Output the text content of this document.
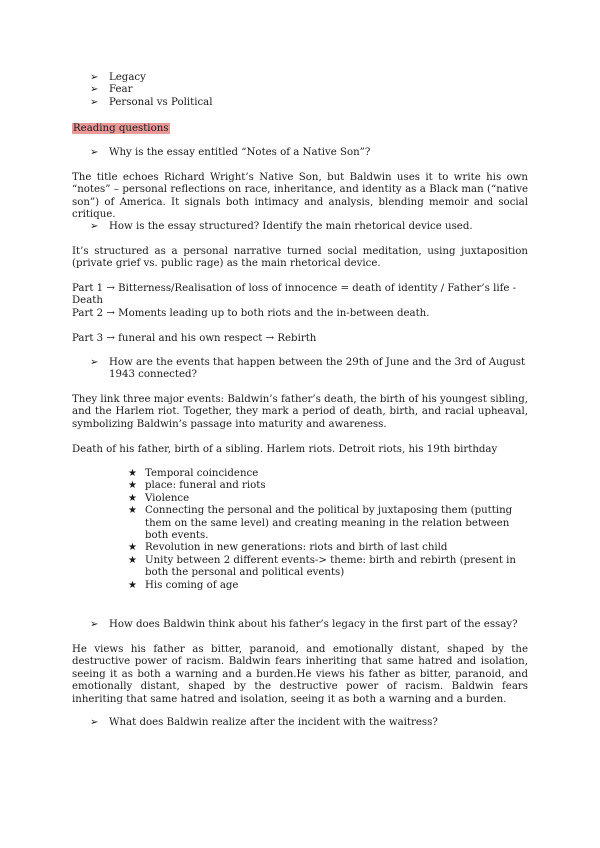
➢ Legacy
➢ Fear
➢ Personal vs Political

Reading questions

➢ Why is the essay entitled “Notes of a Native Son”?

The title echoes Richard Wright’s Native Son, but Baldwin uses it to write his own “notes” – personal reflections on race, inheritance, and identity as a Black man (“native son”) of America. It signals both intimacy and analysis, blending memoir and social critique.

➢ How is the essay structured? Identify the main rhetorical device used.

It’s structured as a personal narrative turned social meditation, using juxtaposition (private grief vs. public rage) as the main rhetorical device.

Part 1 → Bitterness/Realisation of loss of innocence = death of identity / Father’s life - Death

Part 2 → Moments leading up to both riots and the in-between death.

Part 3 → funeral and his own respect → Rebirth

➢ How are the events that happen between the 29th of June and the 3rd of August 1943 connected?

They link three major events: Baldwin’s father’s death, the birth of his youngest sibling, and the Harlem riot. Together, they mark a period of death, birth, and racial upheaval, symbolizing Baldwin’s passage into maturity and awareness.

Death of his father, birth of a sibling. Harlem riots. Detroit riots, his 19th birthday

★ Temporal coincidence
★ place: funeral and riots
★ Violence
★ Connecting the personal and the political by juxtaposing them (putting them on the same level) and creating meaning in the relation between both events.
★ Revolution in new generations: riots and birth of last child
★ Unity between 2 different events-> theme: birth and rebirth (present in both the personal and political events)
★ His coming of age

➢ How does Baldwin think about his father’s legacy in the first part of the essay?

He views his father as bitter, paranoid, and emotionally distant, shaped by the destructive power of racism. Baldwin fears inheriting that same hatred and isolation, seeing it as both a warning and a burden.He views his father as bitter, paranoid, and emotionally distant, shaped by the destructive power of racism. Baldwin fears inheriting that same hatred and isolation, seeing it as both a warning and a burden.

➢ What does Baldwin realize after the incident with the waitress?
